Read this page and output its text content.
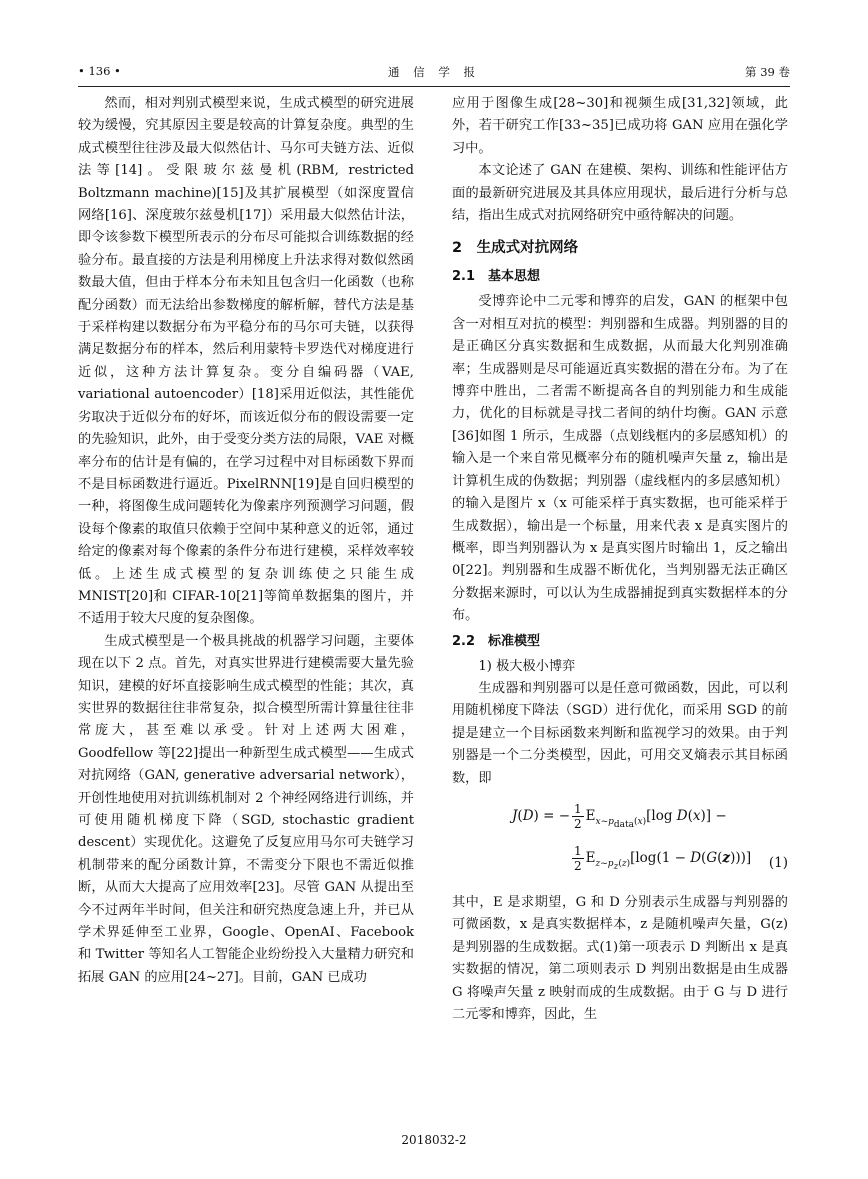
• 136 •	通 信 学 报	第 39 卷

然而，相对判别式模型来说，生成式模型的研究进展较为缓慢，究其原因主要是较高的计算复杂度。典型的生成式模型往往涉及最大似然估计、马尔可夫链方法、近似法等[14]。受限玻尔兹曼机(RBM, restricted Boltzmann machine)[15]及其扩展模型（如深度置信网络[16]、深度玻尔兹曼机[17]）采用最大似然估计法，即令该参数下模型所表示的分布尽可能拟合训练数据的经验分布。最直接的方法是利用梯度上升法求得对数似然函数最大值，但由于样本分布未知且包含归一化函数（也称配分函数）而无法给出参数梯度的解析解，替代方法是基于采样构建以数据分布为平稳分布的马尔可夫链，以获得满足数据分布的样本，然后利用蒙特卡罗迭代对梯度进行近似，这种方法计算复杂。变分自编码器（VAE, variational autoencoder）[18]采用近似法，其性能优劣取决于近似分布的好坏，而该近似分布的假设需要一定的先验知识，此外，由于受变分类方法的局限，VAE 对概率分布的估计是有偏的，在学习过程中对目标函数下界而不是目标函数进行逼近。PixelRNN[19]是自回归模型的一种，将图像生成问题转化为像素序列预测学习问题，假设每个像素的取值只依赖于空间中某种意义的近邻，通过给定的像素对每个像素的条件分布进行建模，采样效率较低。上述生成式模型的复杂训练使之只能生成 MNIST[20]和 CIFAR-10[21]等简单数据集的图片，并不适用于较大尺度的复杂图像。

生成式模型是一个极具挑战的机器学习问题，主要体现在以下 2 点。首先，对真实世界进行建模需要大量先验知识，建模的好坏直接影响生成式模型的性能；其次，真实世界的数据往往非常复杂，拟合模型所需计算量往往非常庞大，甚至难以承受。针对上述两大困难，Goodfellow 等[22]提出一种新型生成式模型——生成式对抗网络（GAN, generative adversarial network），开创性地使用对抗训练机制对 2 个神经网络进行训练，并可使用随机梯度下降（SGD, stochastic gradient descent）实现优化。这避免了反复应用马尔可夫链学习机制带来的配分函数计算，不需变分下限也不需近似推断，从而大大提高了应用效率[23]。尽管 GAN 从提出至今不过两年半时间，但关注和研究热度急速上升，并已从学术界延伸至工业界，Google、OpenAI、Facebook 和 Twitter 等知名人工智能企业纷纷投入大量精力研究和拓展 GAN 的应用[24~27]。目前，GAN 已成功

应用于图像生成[28~30]和视频生成[31,32]领域，此外，若干研究工作[33~35]已成功将 GAN 应用在强化学习中。

本文论述了 GAN 在建模、架构、训练和性能评估方面的最新研究进展及其具体应用现状，最后进行分析与总结，指出生成式对抗网络研究中亟待解决的问题。

2　生成式对抗网络
2.1　基本思想

受博弈论中二元零和博弈的启发，GAN 的框架中包含一对相互对抗的模型：判别器和生成器。判别器的目的是正确区分真实数据和生成数据，从而最大化判别准确率；生成器则是尽可能逼近真实数据的潜在分布。为了在博弈中胜出，二者需不断提高各自的判别能力和生成能力，优化的目标就是寻找二者间的纳什均衡。GAN 示意[36]如图 1 所示，生成器（点划线框内的多层感知机）的输入是一个来自常见概率分布的随机噪声矢量 z，输出是计算机生成的伪数据；判别器（虚线框内的多层感知机）的输入是图片 x（x 可能采样于真实数据，也可能采样于生成数据），输出是一个标量，用来代表 x 是真实图片的概率，即当判别器认为 x 是真实图片时输出 1，反之输出 0[22]。判别器和生成器不断优化，当判别器无法正确区分数据来源时，可以认为生成器捕捉到真实数据样本的分布。

2.2　标准模型

1) 极大极小博弈

生成器和判别器可以是任意可微函数，因此，可以利用随机梯度下降法（SGD）进行优化，而采用 SGD 的前提是建立一个目标函数来判断和监视学习的效果。由于判别器是一个二分类模型，因此，可用交叉熵表示其目标函数，即

J(D) = − $\frac{1}{2} E_{x\sim p_{data}(x)}[\log$ D(x)] −
$\frac{1}{2} E_{z\sim p_z(z)}[\log(1 - D(G(z)))]$ (1)

其中，E 是求期望，G 和 D 分别表示生成器与判别器的可微函数，x 是真实数据样本，z 是随机噪声矢量，G(z)是判别器的生成数据。式(1)第一项表示 D 判断出 x 是真实数据的情况，第二项则表示 D 判别出数据是由生成器 G 将噪声矢量 z 映射而成的生成数据。由于 G 与 D 进行二元零和博弈，因此，生

2018032-2
